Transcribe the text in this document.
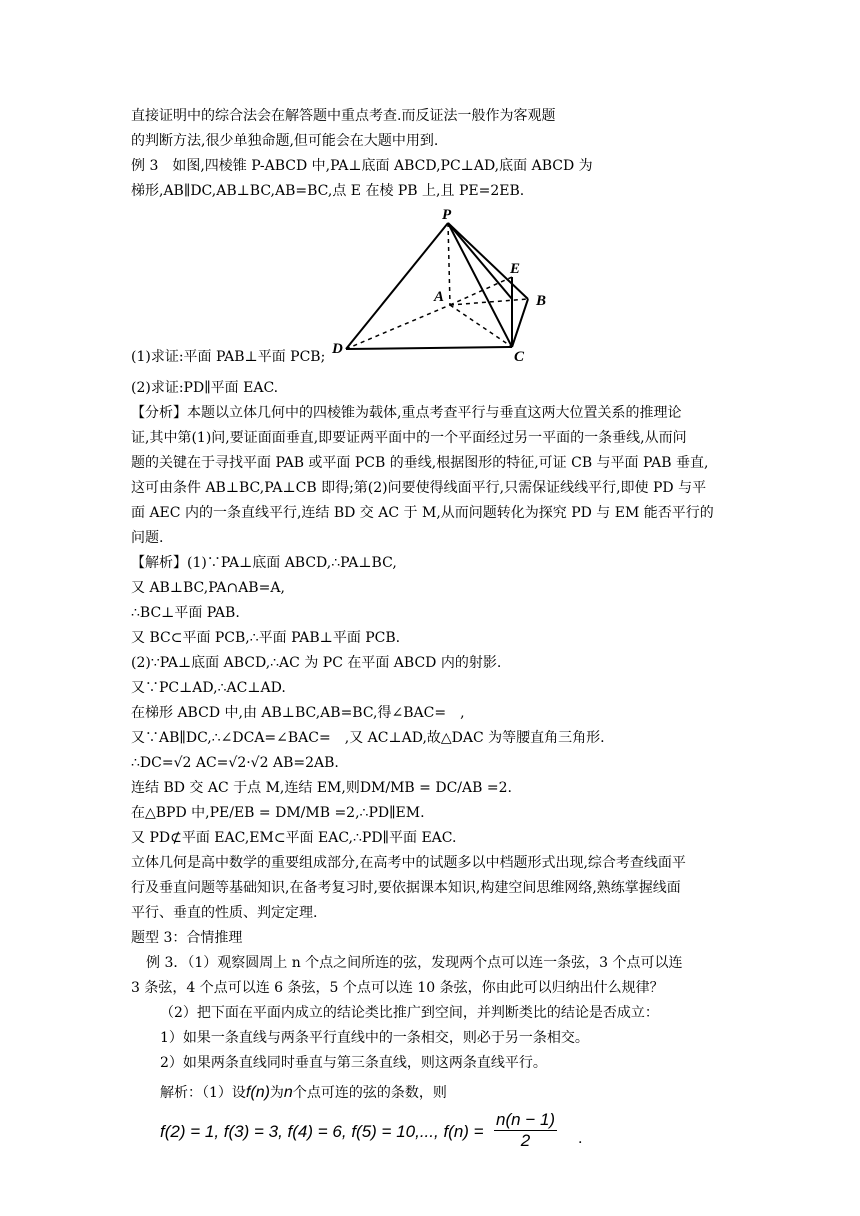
直接证明中的综合法会在解答题中重点考查.而反证法一般作为客观题
的判断方法,很少单独命题,但可能会在大题中用到.
例 3　如图,四棱锥 P-ABCD 中,PA⊥底面 ABCD,PC⊥AD,底面 ABCD 为
梯形,AB∥DC,AB⊥BC,AB=BC,点 E 在棱 PB 上,且 PE=2EB.
P
E
A	B
D	C
(1)求证:平面 PAB⊥平面 PCB;
(2)求证:PD∥平面 EAC.
【分析】本题以立体几何中的四棱锥为载体,重点考查平行与垂直这两大位置关系的推理论
证,其中第(1)问,要证面面垂直,即要证两平面中的一个平面经过另一平面的一条垂线,从而问
题的关键在于寻找平面 PAB 或平面 PCB 的垂线,根据图形的特征,可证 CB 与平面 PAB 垂直,
这可由条件 AB⊥BC,PA⊥CB 即得;第(2)问要使得线面平行,只需保证线线平行,即使 PD 与平
面 AEC 内的一条直线平行,连结 BD 交 AC 于 M,从而问题转化为探究 PD 与 EM 能否平行的
问题.
【解析】(1)∵PA⊥底面 ABCD,∴PA⊥BC,
又 AB⊥BC,PA∩AB=A,
∴BC⊥平面 PAB.
又 BC⊂平面 PCB,∴平面 PAB⊥平面 PCB.
(2)∵PA⊥底面 ABCD,∴AC 为 PC 在平面 ABCD 内的射影.
又∵PC⊥AD,∴AC⊥AD.
在梯形 ABCD 中,由 AB⊥BC,AB=BC,得∠BAC=　,
又∵AB∥DC,∴∠DCA=∠BAC=　,又 AC⊥AD,故△DAC 为等腰直角三角形.
∴DC=√2 AC=√2·√2 AB=2AB.
连结 BD 交 AC 于点 M,连结 EM,则DM/MB = DC/AB =2.
在△BPD 中,PE/EB = DM/MB =2,∴PD∥EM.
又 PD⊄平面 EAC,EM⊂平面 EAC,∴PD∥平面 EAC.
立体几何是高中数学的重要组成部分,在高考中的试题多以中档题形式出现,综合考查线面平
行及垂直问题等基础知识,在备考复习时,要依据课本知识,构建空间思维网络,熟练掌握线面
平行、垂直的性质、判定定理.
题型 3：合情推理
例 3．（1）观察圆周上 n 个点之间所连的弦，发现两个点可以连一条弦，3 个点可以连
3 条弦，4 个点可以连 6 条弦，5 个点可以连 10 条弦，你由此可以归纳出什么规律？
（2）把下面在平面内成立的结论类比推广到空间，并判断类比的结论是否成立：
1）如果一条直线与两条平行直线中的一条相交，则必于另一条相交。
2）如果两条直线同时垂直与第三条直线，则这两条直线平行。
解析：（1）设f(n)为n个点可连的弦的条数，则
f(2) = 1, f(3) = 3, f(4) = 6, f(5) = 10,..., $f(n) = \frac{n(n - 1)}{2}$ .
